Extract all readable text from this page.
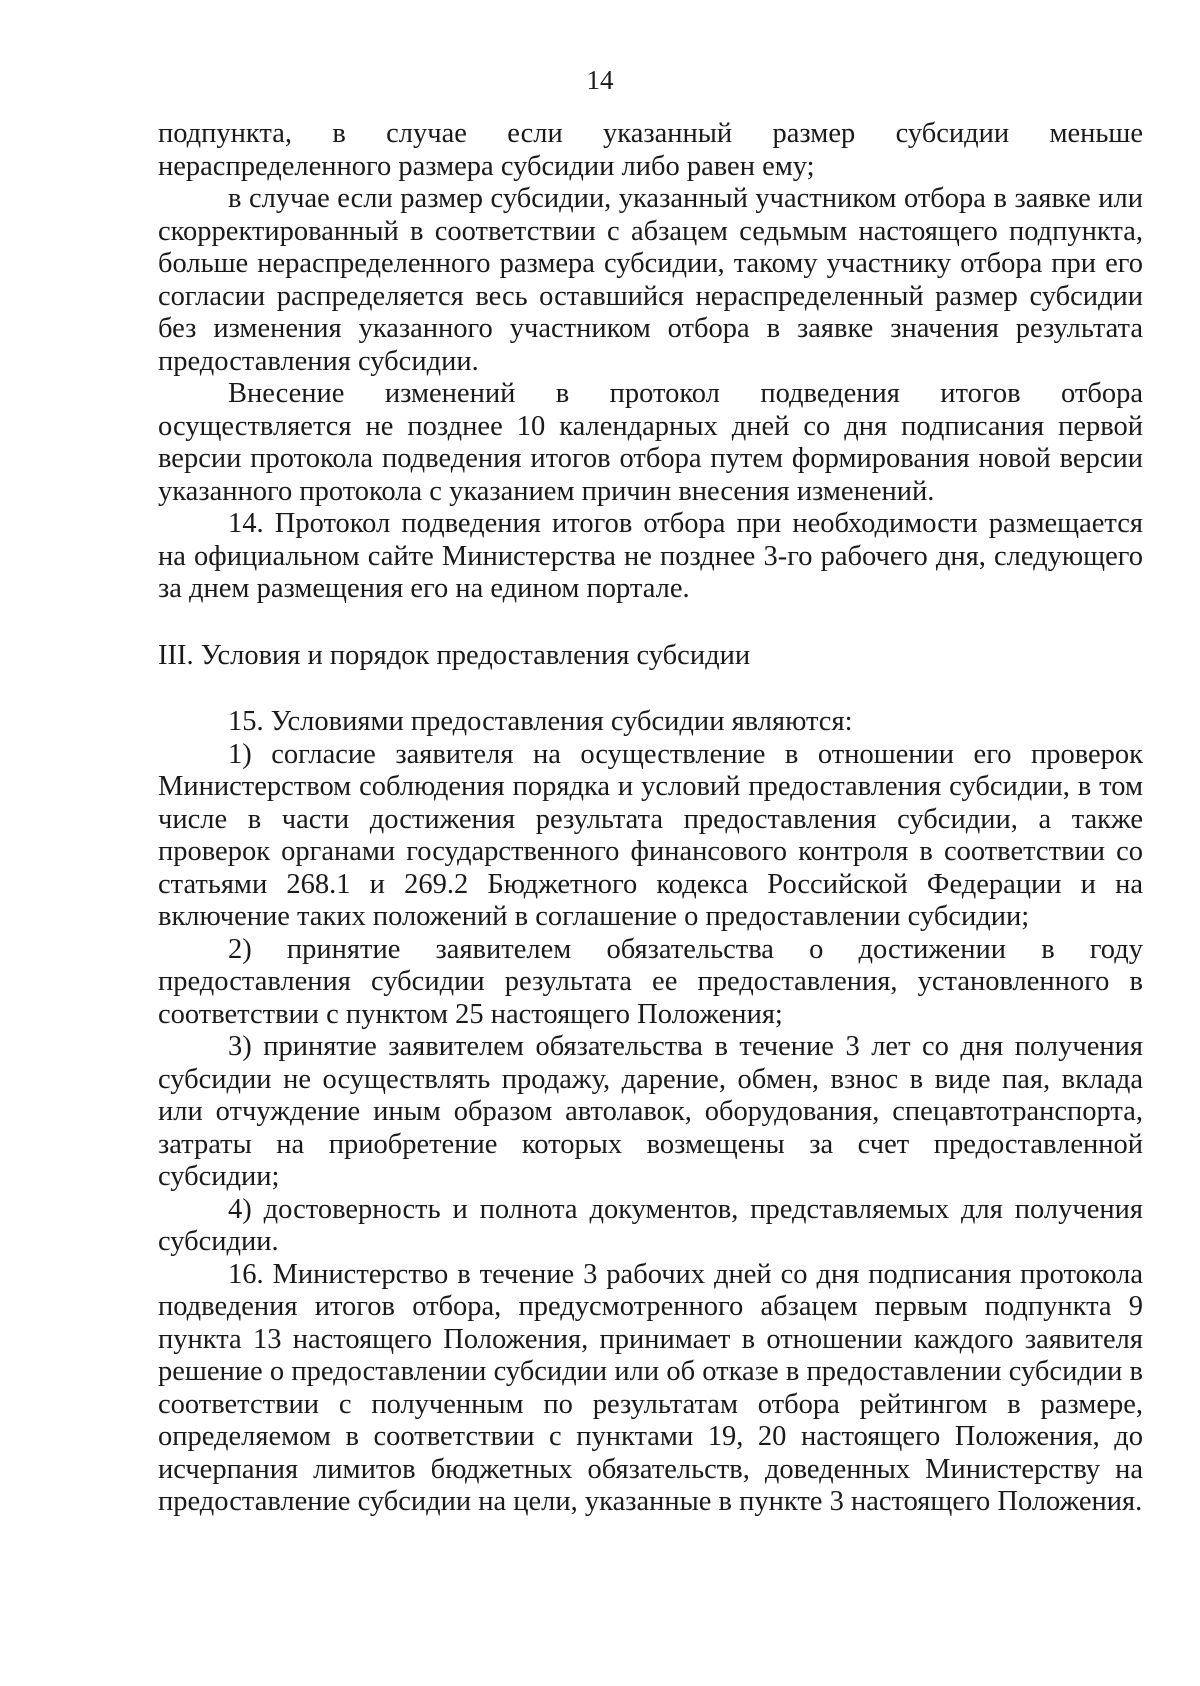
14

подпункта, в случае если указанный размер субсидии меньше нераспределенного размера субсидии либо равен ему;

в случае если размер субсидии, указанный участником отбора в заявке или скорректированный в соответствии с абзацем седьмым настоящего подпункта, больше нераспределенного размера субсидии, такому участнику отбора при его согласии распределяется весь оставшийся нераспределенный размер субсидии без изменения указанного участником отбора в заявке значения результата предоставления субсидии.

Внесение изменений в протокол подведения итогов отбора осуществляется не позднее 10 календарных дней со дня подписания первой версии протокола подведения итогов отбора путем формирования новой версии указанного протокола с указанием причин внесения изменений.

14. Протокол подведения итогов отбора при необходимости размещается на официальном сайте Министерства не позднее 3-го рабочего дня, следующего за днем размещения его на едином портале.

III. Условия и порядок предоставления субсидии

15. Условиями предоставления субсидии являются:

1) согласие заявителя на осуществление в отношении его проверок Министерством соблюдения порядка и условий предоставления субсидии, в том числе в части достижения результата предоставления субсидии, а также проверок органами государственного финансового контроля в соответствии со статьями 268.1 и 269.2 Бюджетного кодекса Российской Федерации и на включение таких положений в соглашение о предоставлении субсидии;

2) принятие заявителем обязательства о достижении в году предоставления субсидии результата ее предоставления, установленного в соответствии с пунктом 25 настоящего Положения;

3) принятие заявителем обязательства в течение 3 лет со дня получения субсидии не осуществлять продажу, дарение, обмен, взнос в виде пая, вклада или отчуждение иным образом автолавок, оборудования, спецавтотранспорта, затраты на приобретение которых возмещены за счет предоставленной субсидии;

4) достоверность и полнота документов, представляемых для получения субсидии.

16. Министерство в течение 3 рабочих дней со дня подписания протокола подведения итогов отбора, предусмотренного абзацем первым подпункта 9 пункта 13 настоящего Положения, принимает в отношении каждого заявителя решение о предоставлении субсидии или об отказе в предоставлении субсидии в соответствии с полученным по результатам отбора рейтингом в размере, определяемом в соответствии с пунктами 19, 20 настоящего Положения, до исчерпания лимитов бюджетных обязательств, доведенных Министерству на предоставление субсидии на цели, указанные в пункте 3 настоящего Положения.
